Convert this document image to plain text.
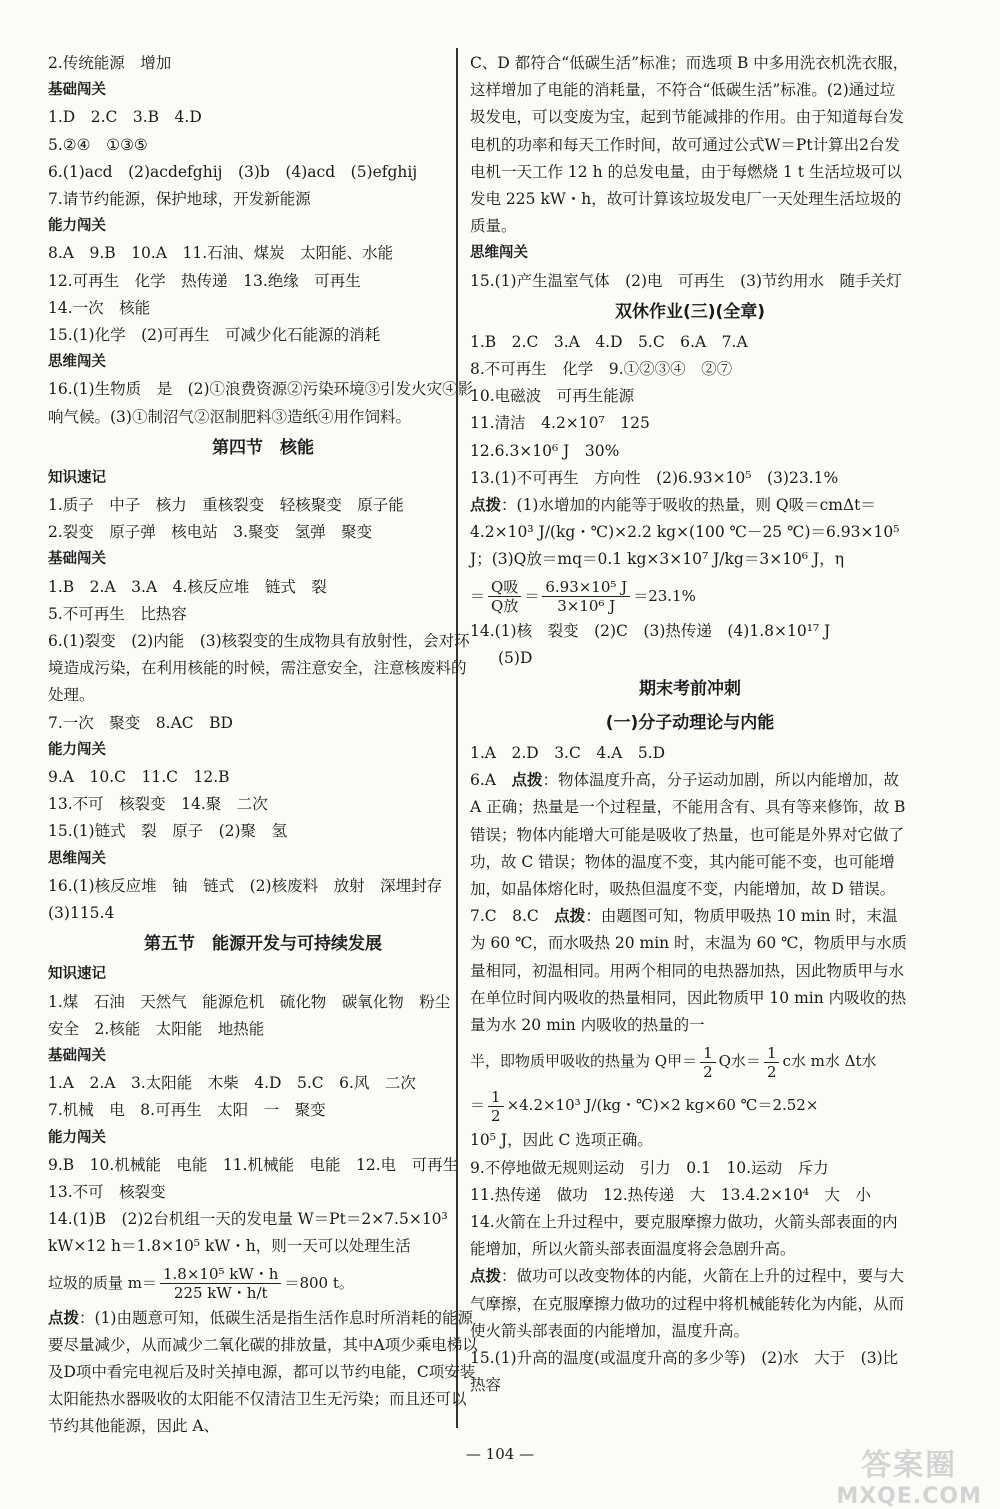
2.传统能源　增加
基础闯关
1.D　2.C　3.B　4.D
5.②④　①③⑤
6.(1)acd　(2)acdefghij　(3)b　(4)acd　(5)efghij
7.请节约能源，保护地球，开发新能源
能力闯关
8.A　9.B　10.A　11.石油、煤炭　太阳能、水能
12.可再生　化学　热传递　13.绝缘　可再生
14.一次　核能
15.(1)化学　(2)可再生　可减少化石能源的消耗
思维闯关
16.(1)生物质　是　(2)①浪费资源②污染环境③引发火灾④影响气候。(3)①制沼气②沤制肥料③造纸④用作饲料。
第四节　核能
知识速记
1.质子　中子　核力　重核裂变　轻核聚变　原子能
2.裂变　原子弹　核电站　3.聚变　氢弹　聚变
基础闯关
1.B　2.A　3.A　4.核反应堆　链式　裂
5.不可再生　比热容
6.(1)裂变　(2)内能　(3)核裂变的生成物具有放射性，会对环境造成污染，在利用核能的时候，需注意安全，注意核废料的处理。
7.一次　聚变　8.AC　BD
能力闯关
9.A　10.C　11.C　12.B
13.不可　核裂变　14.聚　二次
15.(1)链式　裂　原子　(2)聚　氢
思维闯关
16.(1)核反应堆　铀　链式　(2)核废料　放射　深埋封存　(3)115.4
第五节　能源开发与可持续发展
知识速记
1.煤　石油　天然气　能源危机　硫化物　碳氧化物　粉尘　安全　2.核能　太阳能　地热能
基础闯关
1.A　2.A　3.太阳能　木柴　4.D　5.C　6.风　二次
7.机械　电　8.可再生　太阳　一　聚变
能力闯关
9.B　10.机械能　电能　11.机械能　电能　12.电　可再生
13.不可　核裂变
14.(1)B　(2)2台机组一天的发电量 W＝Pt＝2×7.5×10³ kW×12 h＝1.8×10⁵ kW・h，则一天可以处理生活
垃圾的质量 $m= \frac{\text{1.8×10⁵ kW・h}}{225 kW・h/t} =800$ t。
点拨：(1)由题意可知，低碳生活是指生活作息时所消耗的能源要尽量减少，从而减少二氧化碳的排放量，其中A项少乘电梯以及D项中看完电视后及时关掉电源，都可以节约电能，C项安装太阳能热水器吸收的太阳能不仅清洁卫生无污染；而且还可以节约其他能源，因此 A、
C、D 都符合“低碳生活”标准；而选项 B 中多用洗衣机洗衣服，这样增加了电能的消耗量，不符合“低碳生活”标准。(2)通过垃圾发电，可以变废为宝，起到节能减排的作用。由于知道每台发电机的功率和每天工作时间，故可通过公式W＝Pt计算出2台发电机一天工作 12 h 的总发电量，由于每燃烧 1 t 生活垃圾可以发电 225 kW・h，故可计算该垃圾发电厂一天处理生活垃圾的质量。
思维闯关
15.(1)产生温室气体　(2)电　可再生　(3)节约用水　随手关灯
双休作业(三)(全章)
1.B　2.C　3.A　4.D　5.C　6.A　7.A
8.不可再生　化学　9.①②③④　②⑦
10.电磁波　可再生能源
11.清洁　4.2×10⁷　125
12.6.3×10⁶ J　30%
13.(1)不可再生　方向性　(2)6.93×10⁵　(3)23.1%
点拨：(1)水增加的内能等于吸收的热量，则 Q吸＝cmΔt＝4.2×10³ J/(kg・℃)×2.2 kg×(100 ℃－25 ℃)＝6.93×10⁵ J；(3)Q放＝mq＝0.1 kg×3×10⁷ J/kg＝3×10⁶ J，η
＝ $\frac{\text{Q吸}}{\text{Q放}} = \frac{\text{6.93×10⁵ J}}{\text{3×10⁶ J}} =23.1\%$
14.(1)核　裂变　(2)C　(3)热传递　(4)1.8×10¹⁷ J
(5)D
期末考前冲刺
(一)分子动理论与内能
1.A　2.D　3.C　4.A　5.D
6.A　点拨：物体温度升高，分子运动加剧，所以内能增加，故 A 正确；热量是一个过程量，不能用含有、具有等来修饰，故 B 错误；物体内能增大可能是吸收了热量，也可能是外界对它做了功，故 C 错误；物体的温度不变，其内能可能不变，也可能增加，如晶体熔化时，吸热但温度不变，内能增加，故 D 错误。
7.C　8.C　点拨：由题图可知，物质甲吸热 10 min 时，末温为 60 ℃，而水吸热 20 min 时，末温为 60 ℃，物质甲与水质量相同，初温相同。用两个相同的电热器加热，因此物质甲与水在单位时间内吸收的热量相同，因此物质甲 10 min 内吸收的热量为水 20 min 内吸收的热量的一
半，即物质甲吸收的热量为 Q甲＝ $\frac{1}{2}$ Q水＝ $\frac{1}{2}$ c水 m水 Δt水
＝ $\frac{1}{2} \times 4.2\times 10^3$ J/(kg・℃)×2 kg×60 ℃＝2.52×
10⁵ J，因此 C 选项正确。
9.不停地做无规则运动　引力　0.1　10.运动　斥力
11.热传递　做功　12.热传递　大　13.4.2×10⁴　大　小
14.火箭在上升过程中，要克服摩擦力做功，火箭头部表面的内能增加，所以火箭头部表面温度将会急剧升高。
点拨：做功可以改变物体的内能，火箭在上升的过程中，要与大气摩擦，在克服摩擦力做功的过程中将机械能转化为内能，从而使火箭头部表面的内能增加，温度升高。
15.(1)升高的温度(或温度升高的多少等)　(2)水　大于　(3)比热容
— 104 —	答案圈
MXQE.COM
